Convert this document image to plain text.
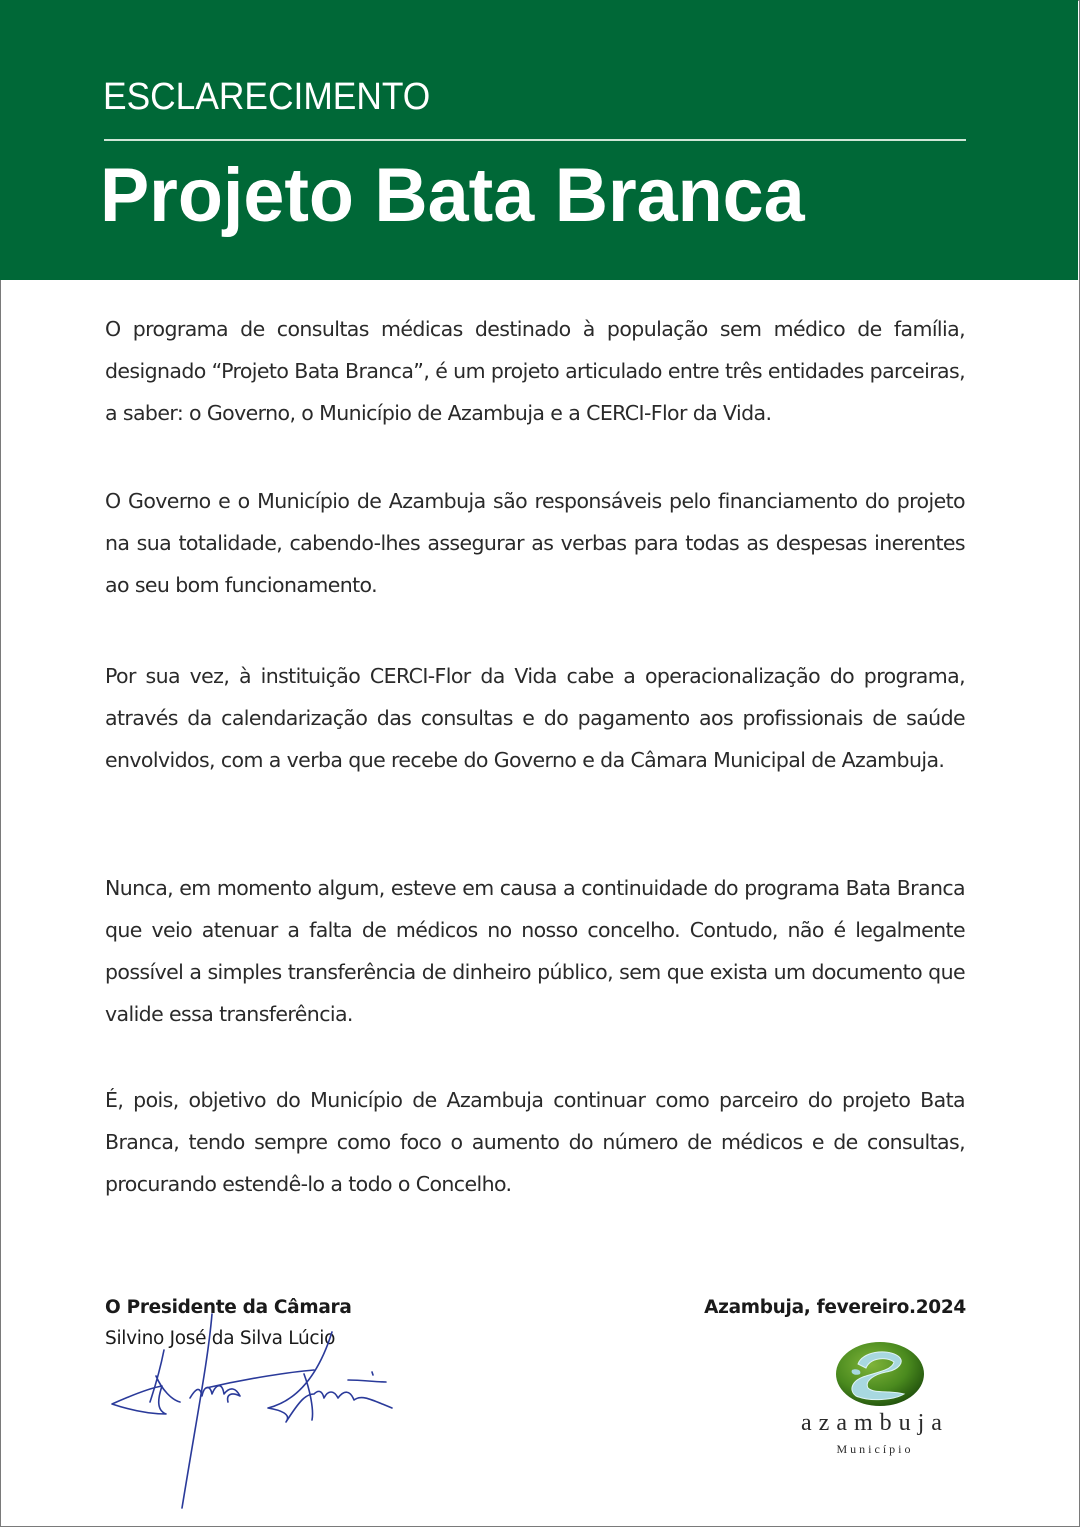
ESCLARECIMENTO
Projeto Bata Branca
O programa de consultas médicas destinado à população sem médico de família, designado “Projeto Bata Branca”, é um projeto articulado entre três entidades parceiras, a saber: o Governo, o Município de Azambuja e a CERCI-Flor da Vida.
O Governo e o Município de Azambuja são responsáveis pelo financiamento do projeto na sua totalidade, cabendo-lhes assegurar as verbas para todas as despesas inerentes ao seu bom funcionamento.
Por sua vez, à instituição CERCI-Flor da Vida cabe a operacionalização do programa, através da calendarização das consultas e do pagamento aos profissionais de saúde envolvidos, com a verba que recebe do Governo e da Câmara Municipal de Azambuja.
Nunca, em momento algum, esteve em causa a continuidade do programa Bata Branca que veio atenuar a falta de médicos no nosso concelho. Contudo, não é legalmente possível a simples transferência de dinheiro público, sem que exista um documento que valide essa transferência.
É, pois, objetivo do Município de Azambuja continuar como parceiro do projeto Bata Branca, tendo sempre como foco o aumento do número de médicos e de consultas, procurando estendê-lo a todo o Concelho.
O Presidente da Câmara
Silvino José da Silva Lúcio
Azambuja, fevereiro.2024
azambuja
Município
